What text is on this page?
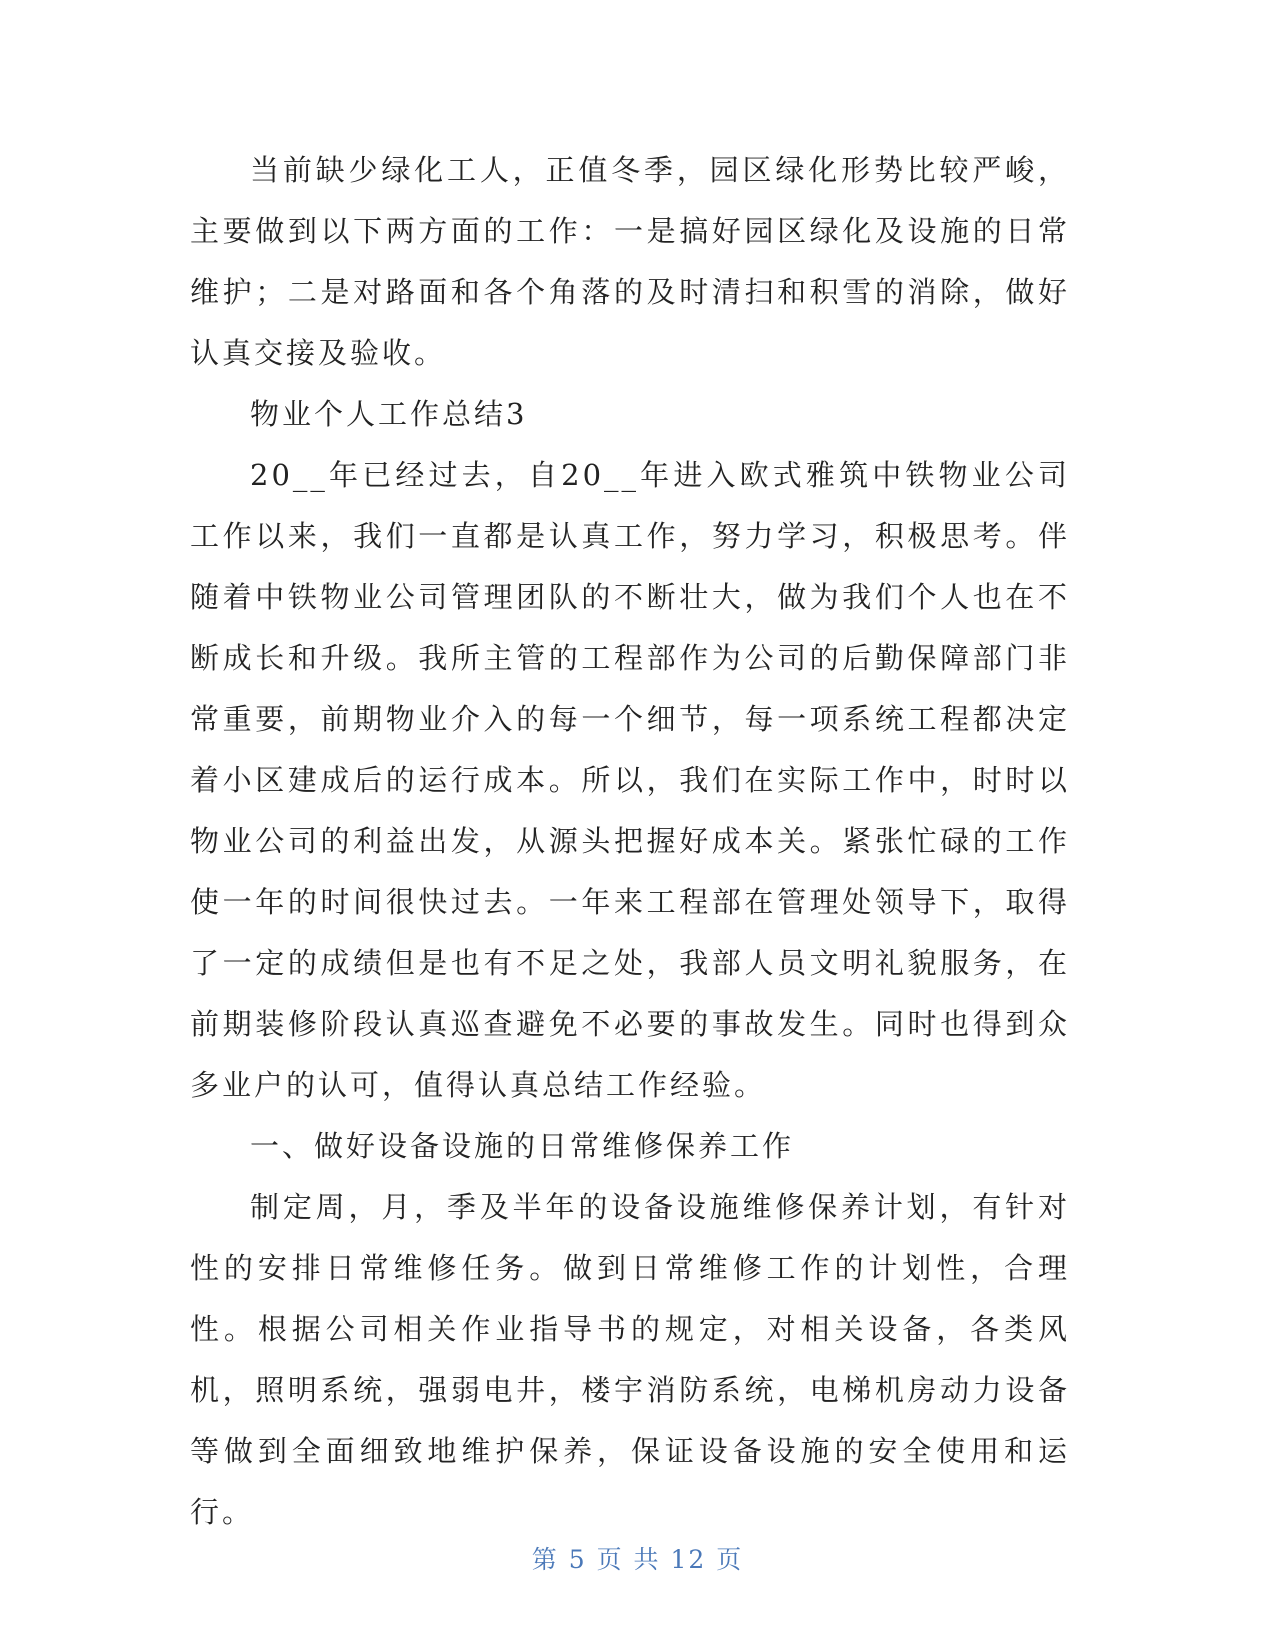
当前缺少绿化工人，正值冬季，园区绿化形势比较严峻，主要做到以下两方面的工作：一是搞好园区绿化及设施的日常维护；二是对路面和各个角落的及时清扫和积雪的消除，做好认真交接及验收。

物业个人工作总结3

20__年已经过去，自20__年进入欧式雅筑中铁物业公司工作以来，我们一直都是认真工作，努力学习，积极思考。伴随着中铁物业公司管理团队的不断壮大，做为我们个人也在不断成长和升级。我所主管的工程部作为公司的后勤保障部门非常重要，前期物业介入的每一个细节，每一项系统工程都决定着小区建成后的运行成本。所以，我们在实际工作中，时时以物业公司的利益出发，从源头把握好成本关。紧张忙碌的工作使一年的时间很快过去。一年来工程部在管理处领导下，取得了一定的成绩但是也有不足之处，我部人员文明礼貌服务，在前期装修阶段认真巡查避免不必要的事故发生。同时也得到众多业户的认可，值得认真总结工作经验。

一、做好设备设施的日常维修保养工作

制定周，月，季及半年的设备设施维修保养计划，有针对性的安排日常维修任务。做到日常维修工作的计划性，合理性。根据公司相关作业指导书的规定，对相关设备，各类风机，照明系统，强弱电井，楼宇消防系统，电梯机房动力设备等做到全面细致地维护保养，保证设备设施的安全使用和运行。

第 5 页 共 12 页
